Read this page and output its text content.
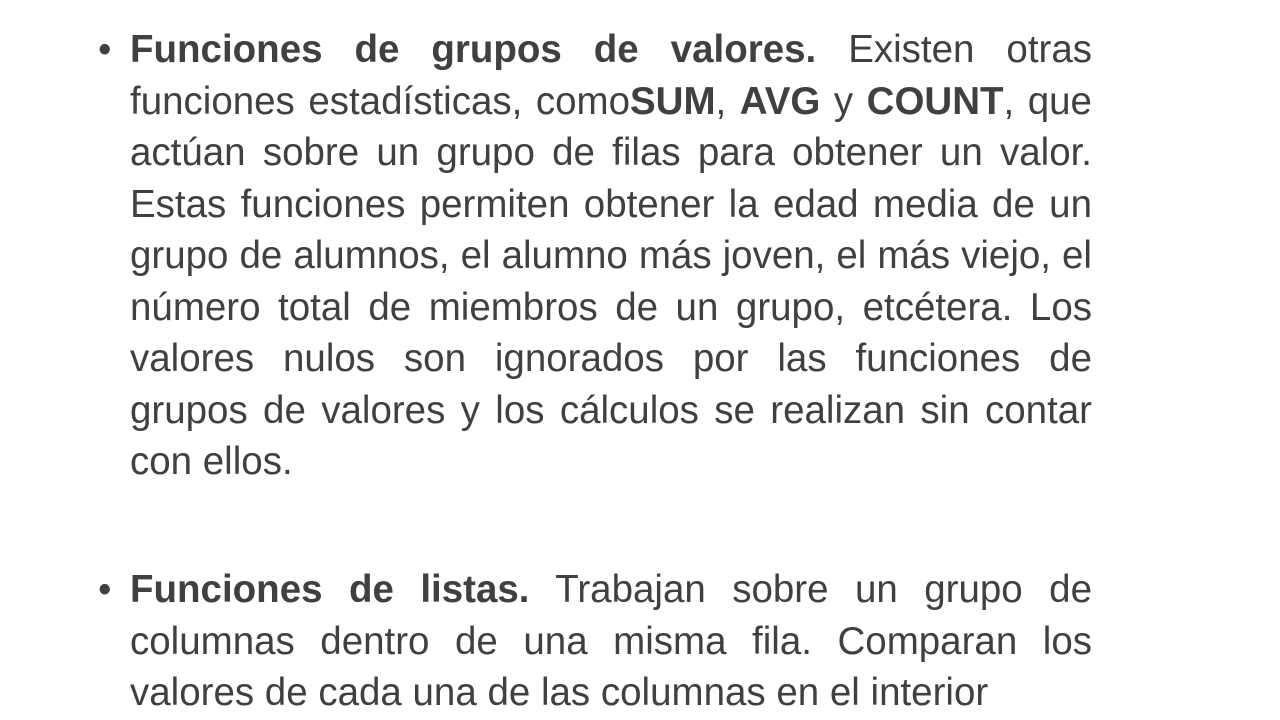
• Funciones de grupos de valores. Existen otras funciones estadísticas, comoSUM, AVG y COUNT, que actúan sobre un grupo de filas para obtener un valor. Estas funciones permiten obtener la edad media de un grupo de alumnos, el alumno más joven, el más viejo, el número total de miembros de un grupo, etcétera. Los valores nulos son ignorados por las funciones de grupos de valores y los cálculos se realizan sin contar con ellos.

• Funciones de listas. Trabajan sobre un grupo de columnas dentro de una misma fila. Comparan los valores de cada una de las columnas en el interior
